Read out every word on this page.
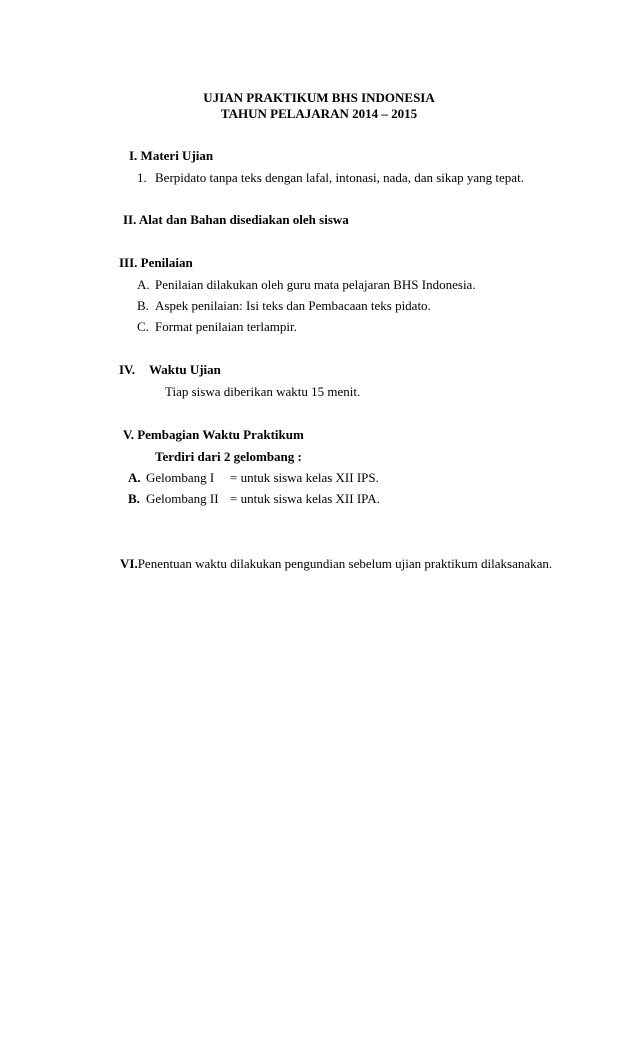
UJIAN PRAKTIKUM BHS INDONESIA
TAHUN PELAJARAN 2014 – 2015
I. Materi Ujian
1. Berpidato tanpa teks dengan lafal, intonasi, nada, dan sikap yang tepat.
II. Alat dan Bahan disediakan oleh siswa
III. Penilaian
A. Penilaian dilakukan oleh guru mata pelajaran BHS Indonesia.
B. Aspek penilaian: Isi teks dan Pembacaan teks pidato.
C. Format penilaian terlampir.
IV. Waktu Ujian
Tiap siswa diberikan waktu 15 menit.
V. Pembagian Waktu Praktikum
Terdiri dari 2 gelombang :
A. Gelombang I = untuk siswa kelas XII IPS.
B. Gelombang II = untuk siswa kelas XII IPA.
VI.Penentuan waktu dilakukan pengundian sebelum ujian praktikum dilaksanakan.
